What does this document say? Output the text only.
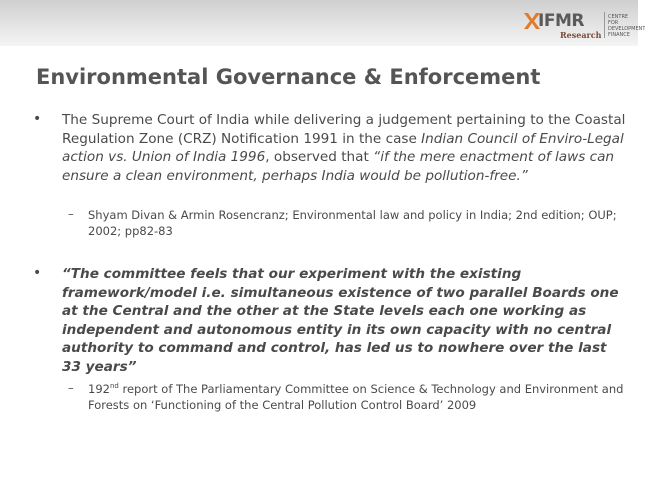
IFMR
Research
CENTRE FOR
DEVELOPMENT
FINANCE
Environmental Governance & Enforcement
• The Supreme Court of India while delivering a judgement pertaining to the Coastal Regulation Zone (CRZ) Notification 1991 in the case Indian Council of Enviro-Legal action vs. Union of India 1996, observed that “if the mere enactment of laws can ensure a clean environment, perhaps India would be pollution-free.”
–	Shyam Divan & Armin Rosencranz; Environmental law and policy in India; 2nd edition; OUP; 2002; pp82-83
• “The committee feels that our experiment with the existing framework/model i.e. simultaneous existence of two parallel Boards one at the Central and the other at the State levels each one working as independent and autonomous entity in its own capacity with no central authority to command and control, has led us to nowhere over the last 33 years”
–	192nd report of The Parliamentary Committee on Science & Technology and Environment and Forests on ‘Functioning of the Central Pollution Control Board’ 2009
